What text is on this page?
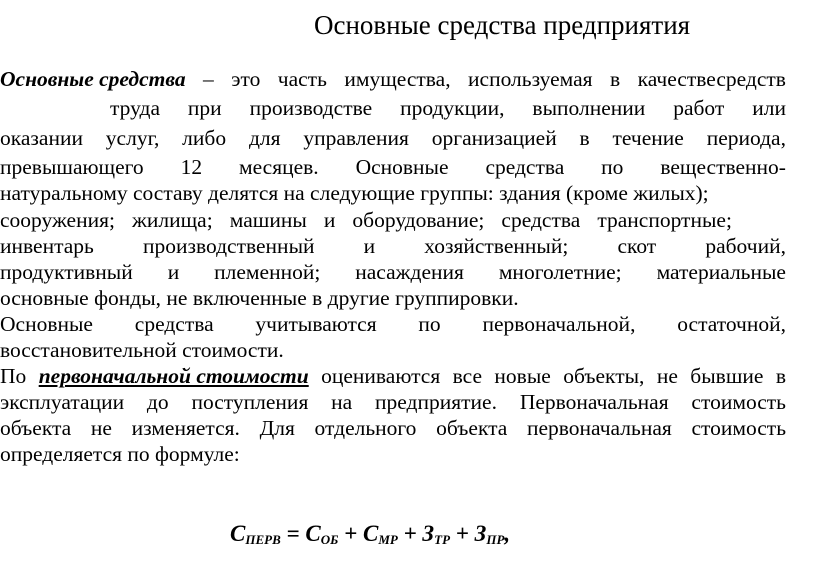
Основные средства предприятия
Основные средства – это часть имущества, используемая в качествесредств
труда при производстве продукции, выполнении работ или
оказании услуг, либо для управления организацией в течение периода,
превышающего 12 месяцев. Основные средства по вещественно-
натуральному составу делятся на следующие группы: здания (кроме жилых);
сооружения; жилища; машины и оборудование; средства транспортные;
инвентарь производственный и хозяйственный; скот рабочий,
продуктивный и племенной; насаждения многолетние; материальные
основные фонды, не включенные в другие группировки.
Основные средства учитываются по первоначальной, остаточной,
восстановительной стоимости.
По первоначальной стоимости оцениваются все новые объекты, не бывшие в
эксплуатации до поступления на предприятие. Первоначальная стоимость
объекта не изменяется. Для отдельного объекта первоначальная стоимость
определяется по формуле:
$С_{ПЕРВ} = С_{ОБ} + С_{МР} + З_{ТР} + З_{ПР}$,
